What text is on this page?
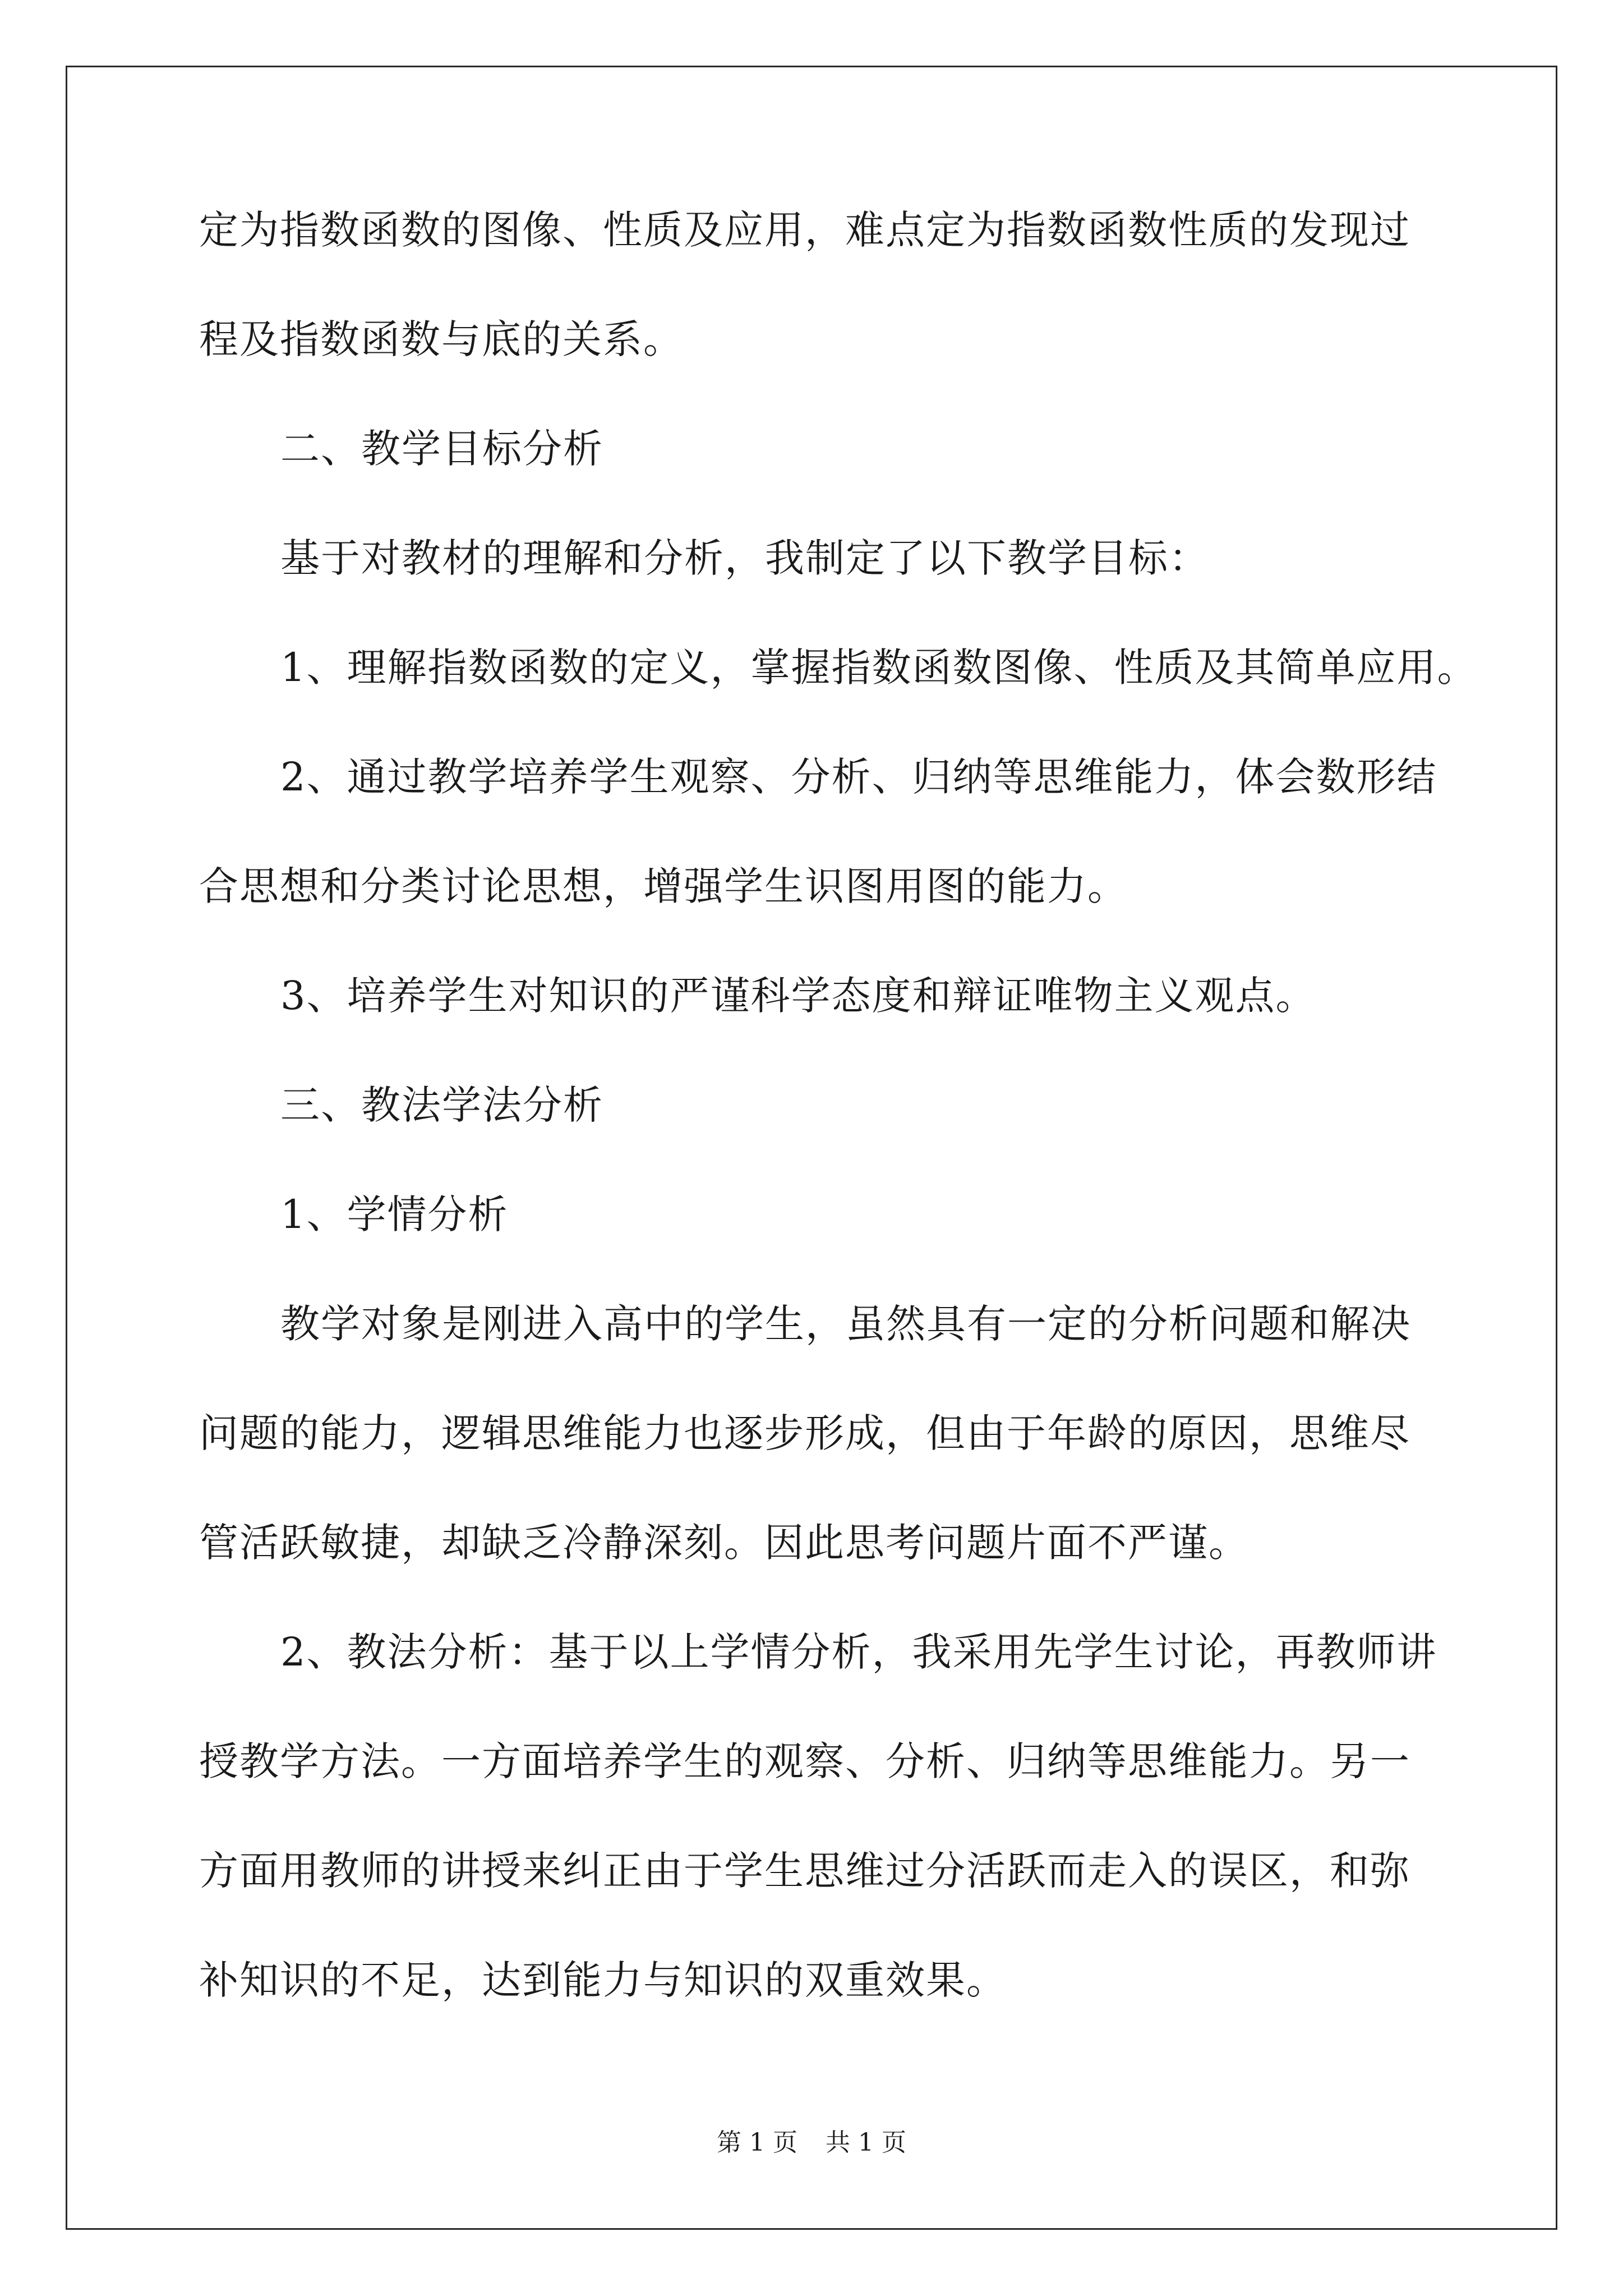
定为指数函数的图像、性质及应用，难点定为指数函数性质的发现过
程及指数函数与底的关系。
二、教学目标分析
基于对教材的理解和分析，我制定了以下教学目标：
1、理解指数函数的定义，掌握指数函数图像、性质及其简单应用。
2、通过教学培养学生观察、分析、归纳等思维能力，体会数形结
合思想和分类讨论思想，增强学生识图用图的能力。
3、培养学生对知识的严谨科学态度和辩证唯物主义观点。
三、教法学法分析
1、学情分析
教学对象是刚进入高中的学生，虽然具有一定的分析问题和解决
问题的能力，逻辑思维能力也逐步形成，但由于年龄的原因，思维尽
管活跃敏捷，却缺乏冷静深刻。因此思考问题片面不严谨。
2、教法分析：基于以上学情分析，我采用先学生讨论，再教师讲
授教学方法。一方面培养学生的观察、分析、归纳等思维能力。另一
方面用教师的讲授来纠正由于学生思维过分活跃而走入的误区，和弥
补知识的不足，达到能力与知识的双重效果。
第 1 页 共 1 页
